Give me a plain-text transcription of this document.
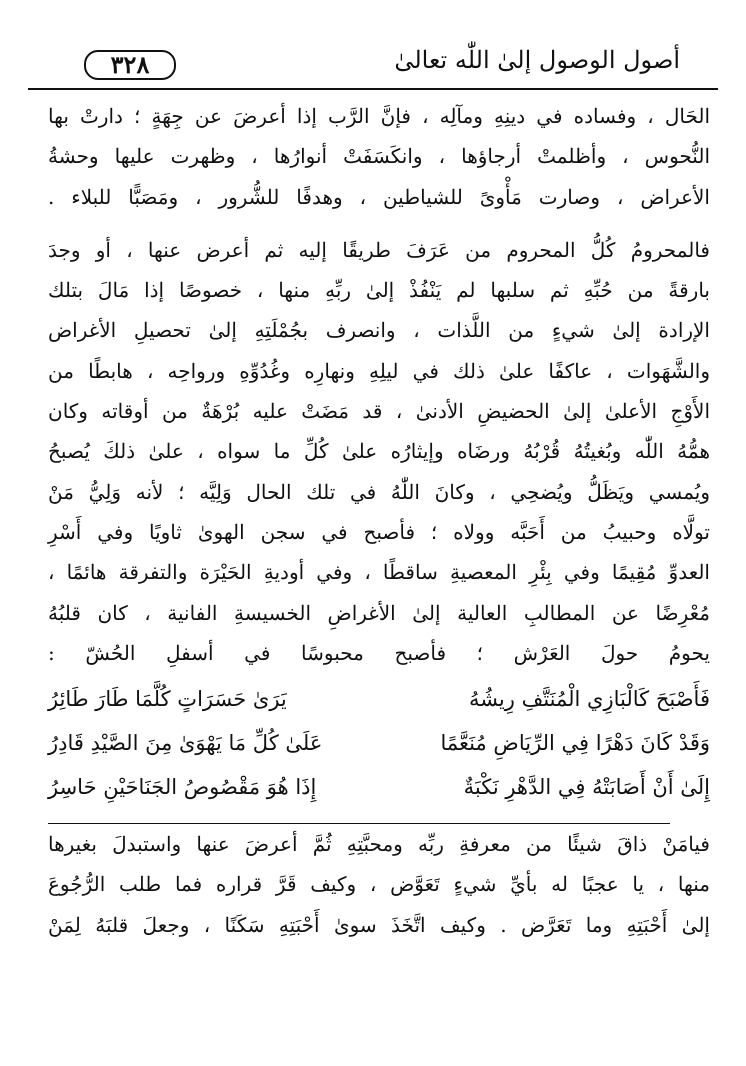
٣٢٨	أصول الوصول إلىٰ اللّٰه تعالىٰ
الحَال ، وفساده في دينِهِ ومآلِه ، فإنَّ الرَّب إذا أعرضَ عن جِهَةٍ ؛ دارتْ بها
النُّحوس ، وأظلمتْ أرجاؤها ، وانكَسَفَتْ أنوارُها ، وظهرت عليها وحشةُ
الأعراض ، وصارت مَأْوىً للشياطين ، وهدفًا للشُّرور ، ومَصَبًّا للبلاء .
فالمحرومُ كُلُّ المحروم من عَرَفَ طريقًا إليه ثم أعرض عنها ، أو وجدَ
بارقةً من حُبِّهِ ثم سلبها لم يَنْفُذْ إلىٰ ربِّهِ منها ، خصوصًا إذا مَالَ بتلك
الإرادة إلىٰ شيءٍ من اللَّذات ، وانصرف بجُمْلَتِهِ إلىٰ تحصيلِ الأغراض
والشَّهَوات ، عاكفًا علىٰ ذلك في ليلِهِ ونهارِه وغُدُوِّهِ ورواحِه ، هابطًا من
الأَوْجِ الأعلىٰ إلىٰ الحضيضِ الأدنىٰ ، قد مَضَتْ عليه بُرْهَةٌ من أوقاته وكان
همُّهُ اللّٰه وبُغيتُهُ قُرْبُهُ ورضَاه وإيثارُه علىٰ كُلِّ ما سواه ، علىٰ ذلكَ يُصبحُ
ويُمسي ويَظَلُّ ويُضحِي ، وكانَ اللّٰهُ في تلك الحال وَلِيَّه ؛ لأنه وَلِيُّ مَنْ
تولَّاه وحبيبُ من أَحَبَّه وولاه ؛ فأصبح في سجن الهوىٰ ثاويًا وفي أَسْرِ
العدوِّ مُقِيمًا وفي بِئْرِ المعصيةِ ساقطًا ، وفي أوديةِ الحَيْرَة والتفرقة هائمًا ،
مُعْرِضًا عن المطالبِ العالية إلىٰ الأغراضِ الخسيسةِ الفانية ، كان قلبُهُ
يحومُ حولَ العَرْش ؛ فأصبح محبوسًا في أسفلِ الحُشّ :
فَأَصْبَحَ كَالْبَازِي الْمُنَتَّفِ رِيشُهُ
يَرَىٰ حَسَرَاتٍ كُلَّمَا طَارَ طَائِرُ
وَقَدْ كَانَ دَهْرًا فِي الرِّيَاضِ مُنَعَّمًا
عَلَىٰ كُلِّ مَا يَهْوَىٰ مِنَ الصَّيْدِ قَادِرُ
إِلَىٰ أَنْ أَصَابَتْهُ فِي الدَّهْرِ نَكْبَةٌ
إِذَا هُوَ مَقْصُوصُ الجَنَاحَيْنِ حَاسِرُ
فيامَنْ ذاقَ شيئًا من معرفةِ ربِّه ومحبَّتِهِ ثُمَّ أعرضَ عنها واستبدلَ بغيرها
منها ، يا عجبًا له بأيِّ شيءٍ تَعَوَّض ، وكيف قَرَّ قراره فما طلب الرُّجُوعَ
إلىٰ أَحْبَتِهِ وما تَعَرَّض . وكيف اتَّخَذَ سوىٰ أَحْبَتِهِ سَكَنًا ، وجعلَ قلبَهُ لِمَنْ
